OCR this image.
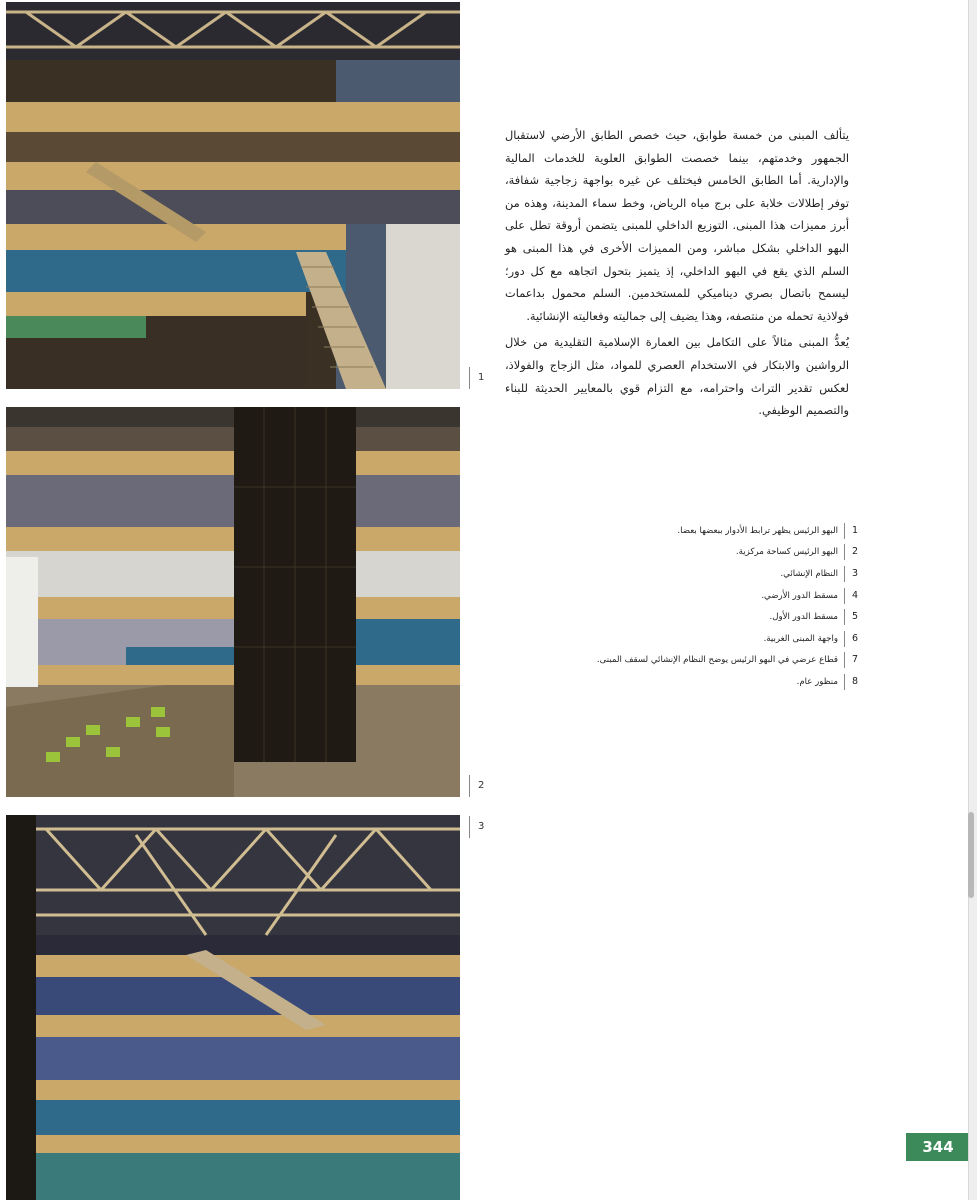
1
2
3

يتألف المبنى من خمسة طوابق، حيث خصص الطابق الأرضي لاستقبال الجمهور وخدمتهم، بينما خصصت الطوابق العلوية للخدمات المالية والإدارية. أما الطابق الخامس فيختلف عن غيره بواجهة زجاجية شفافة، توفر إطلالات خلابة على برج مياه الرياض، وخط سماء المدينة، وهذه من أبرز مميزات هذا المبنى. التوزيع الداخلي للمبنى يتضمن أروقة تطل على البهو الداخلي بشكل مباشر، ومن المميزات الأخرى في هذا المبنى هو السلم الذي يقع في البهو الداخلي، إذ يتميز بتحول اتجاهه مع كل دور؛ ليسمح باتصال بصري ديناميكي للمستخدمين. السلم محمول بداعمات فولاذية تحمله من منتصفه، وهذا يضيف إلى جماليته وفعاليته الإنشائية.

يُعدُّ المبنى مثالاً على التكامل بين العمارة الإسلامية التقليدية من خلال الرواشين والابتكار في الاستخدام العصري للمواد، مثل الزجاج والفولاذ، لعكس تقدير التراث واحترامه، مع التزام قوي بالمعايير الحديثة للبناء والتصميم الوظيفي.

1
البهو الرئيس يظهر ترابط الأدوار ببعضها بعضا.
2
البهو الرئيس كساحة مركزية.
3
النظام الإنشائي.
4
مسقط الدور الأرضي.
5
مسقط الدور الأول.
6
واجهة المبنى الغربية.
7
قطاع عرضي في البهو الرئيس يوضح النظام الإنشائي لسقف المبنى.
8
منظور عام.
344
